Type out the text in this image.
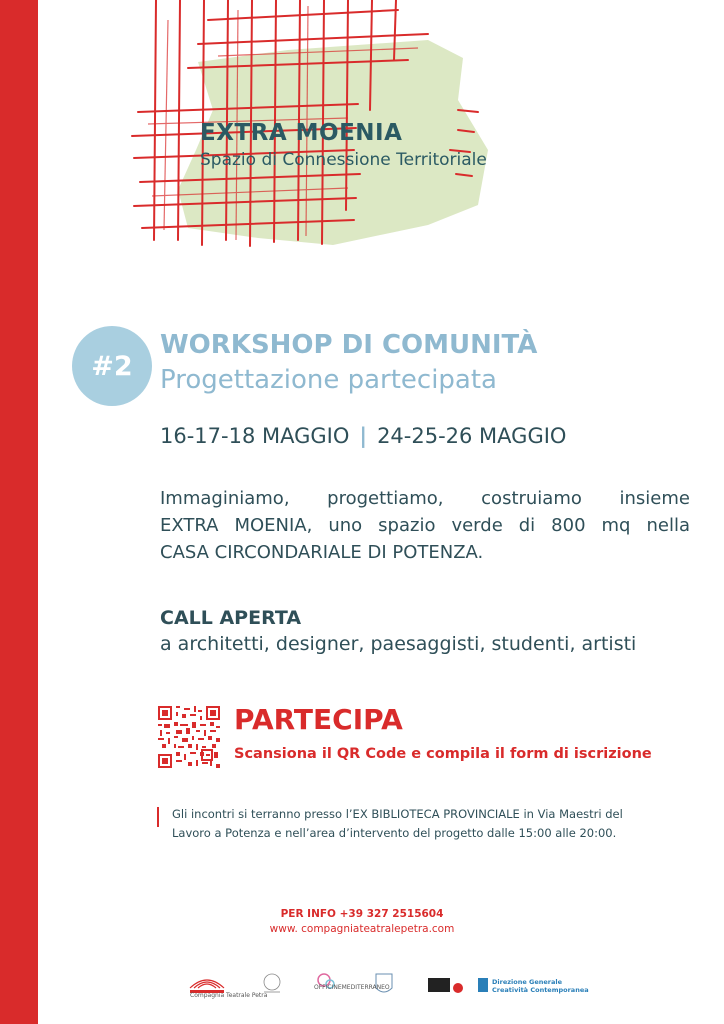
EXTRA MOENIA
Spazio di Connessione Territoriale
#2
WORKSHOP DI COMUNITÀ
Progettazione partecipata
16-17-18 MAGGIO | 24-25-26 MAGGIO
Immaginiamo, progettiamo, costruiamo insieme
EXTRA MOENIA, uno spazio verde di 800 mq nella
CASA CIRCONDARIALE DI POTENZA.
CALL APERTA
a architetti, designer, paesaggisti, studenti, artisti
PARTECIPA
Scansiona il QR Code e compila il form di iscrizione
Gli incontri si terranno presso l’EX BIBLIOTECA PROVINCIALE in Via Maestri del
Lavoro a Potenza e nell’area d’intervento del progetto dalle 15:00 alle 20:00.
PER INFO +39 327 2515604
www. compagniateatralepetra.com
Compagnia Teatrale Petra
OFFICINEMEDITERRANEO
Direzione Generale
Creatività Contemporanea
